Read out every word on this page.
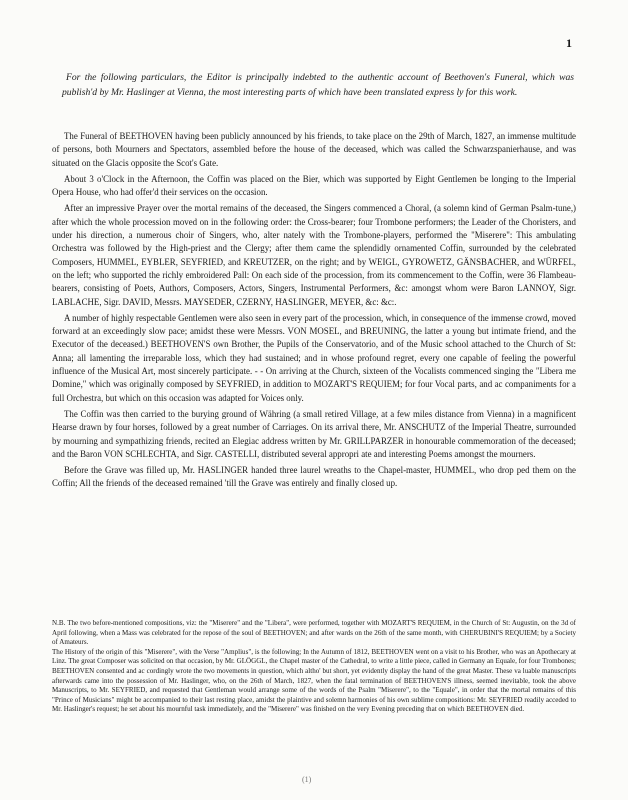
1

For the following particulars, the Editor is principally indebted to the authentic account of Beethoven's Funeral, which was publish'd by Mr. Haslinger at Vienna, the most interesting parts of which have been translated express ly for this work.

The Funeral of BEETHOVEN having been publicly announced by his friends, to take place on the 29th of March, 1827, an immense multitude of persons, both Mourners and Spectators, assembled before the house of the deceased, which was called the Schwarzspanierhause, and was situated on the Glacis opposite the Scot's Gate.

About 3 o'Clock in the Afternoon, the Coffin was placed on the Bier, which was supported by Eight Gentlemen be longing to the Imperial Opera House, who had offer'd their services on the occasion.

After an impressive Prayer over the mortal remains of the deceased, the Singers commenced a Choral, (a solemn kind of German Psalm-tune,) after which the whole procession moved on in the following order: the Cross-bearer; four Trombone performers; the Leader of the Choristers, and under his direction, a numerous choir of Singers, who, alter nately with the Trombone-players, performed the "Miserere": This ambulating Orchestra was followed by the High-priest and the Clergy; after them came the splendidly ornamented Coffin, surrounded by the celebrated Composers, HUMMEL, EYBLER, SEYFRIED, and KREUTZER, on the right; and by WEIGL, GYROWETZ, GÄNSBACHER, and WÜRFEL, on the left; who supported the richly embroidered Pall: On each side of the procession, from its commencement to the Coffin, were 36 Flambeau-bearers, consisting of Poets, Authors, Composers, Actors, Singers, Instrumental Performers, &c: amongst whom were Baron LANNOY, Sigr. LABLACHE, Sigr. DAVID, Messrs. MAYSEDER, CZERNY, HASLINGER, MEYER, &c: &c:.

A number of highly respectable Gentlemen were also seen in every part of the procession, which, in consequence of the immense crowd, moved forward at an exceedingly slow pace; amidst these were Messrs. VON MOSEL, and BREUNING, the latter a young but intimate friend, and the Executor of the deceased.) BEETHOVEN'S own Brother, the Pupils of the Conservatorio, and of the Music school attached to the Church of St: Anna; all lamenting the irreparable loss, which they had sustained; and in whose profound regret, every one capable of feeling the powerful influence of the Musical Art, most sincerely participate. - - On arriving at the Church, sixteen of the Vocalists commenced singing the "Libera me Domine," which was originally composed by SEYFRIED, in addition to MOZART'S REQUIEM; for four Vocal parts, and ac companiments for a full Orchestra, but which on this occasion was adapted for Voices only.

The Coffin was then carried to the burying ground of Währing (a small retired Village, at a few miles distance from Vienna) in a magnificent Hearse drawn by four horses, followed by a great number of Carriages. On its arrival there, Mr. ANSCHUTZ of the Imperial Theatre, surrounded by mourning and sympathizing friends, recited an Elegiac address written by Mr. GRILLPARZER in honourable commemoration of the deceased; and the Baron VON SCHLECHTA, and Sigr. CASTELLI, distributed several appropri ate and interesting Poems amongst the mourners.

Before the Grave was filled up, Mr. HASLINGER handed three laurel wreaths to the Chapel-master, HUMMEL, who drop ped them on the Coffin; All the friends of the deceased remained 'till the Grave was entirely and finally closed up.

N.B. The two before-mentioned compositions, viz: the "Miserere" and the "Libera", were performed, together with MOZART'S REQUIEM, in the Church of St: Augustin, on the 3d of April following, when a Mass was celebrated for the repose of the soul of BEETHOVEN; and after wards on the 26th of the same month, with CHERUBINI'S REQUIEM; by a Society of Amateurs.

The History of the origin of this "Miserere", with the Verse "Amplius", is the following; In the Autumn of 1812, BEETHOVEN went on a visit to his Brother, who was an Apothecary at Linz. The great Composer was solicited on that occasion, by Mr. GLÖGGL, the Chapel master of the Cathedral, to write a little piece, called in Germany an Equale, for four Trombones; BEETHOVEN consented and ac cordingly wrote the two movements in question, which altho' but short, yet evidently display the hand of the great Master. These va luable manuscripts afterwards came into the possession of Mr. Haslinger, who, on the 26th of March, 1827, when the fatal termination of BEETHOVEN'S illness, seemed inevitable, took the above Manuscripts, to Mr. SEYFRIED, and requested that Gentleman would arrange some of the words of the Psalm "Miserere", to the "Equale", in order that the mortal remains of this "Prince of Musicians" might be accompanied to their last resting place, amidst the plaintive and solemn harmonies of his own sublime compositions: Mr. SEYFRIED readily acceded to Mr. Haslinger's request; he set about his mournful task immediately, and the "Miserere" was finished on the very Evening preceding that on which BEETHOVEN died.

(1)
